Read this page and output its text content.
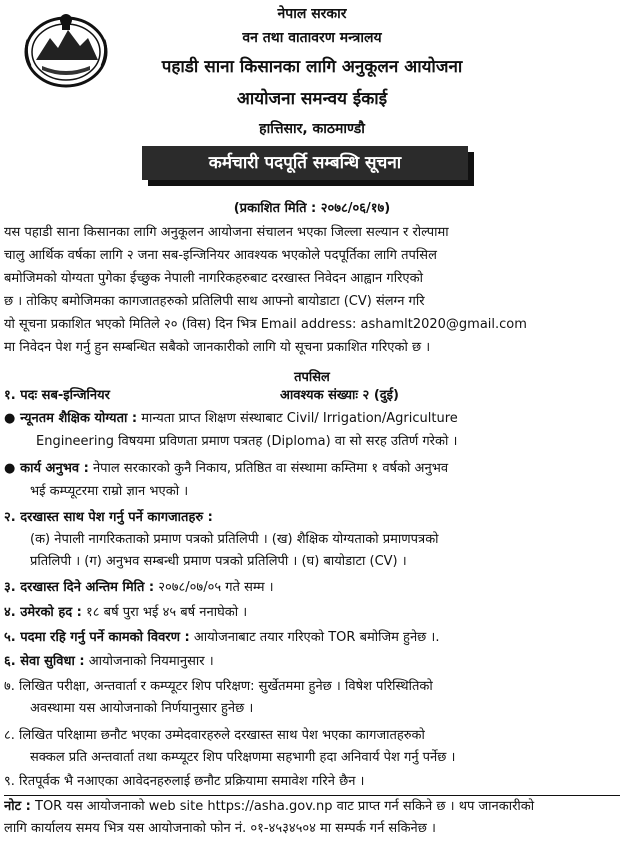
नेपाल सरकार
वन तथा वातावरण मन्त्रालय
पहाडी साना किसानका लागि अनुकूलन आयोजना
आयोजना समन्वय ईकाई
हात्तिसार, काठमाण्डौ
कर्मचारी पदपूर्ति सम्बन्धि सूचना
(प्रकाशित मिति : २०७८/०६/१७)
यस पहाडी साना किसानका लागि अनुकूलन आयोजना संचालन भएका जिल्ला सल्यान र रोल्पामा
चालु आर्थिक वर्षका लागि २ जना सब-इन्जिनियर आवश्यक भएकोले पदपूर्तिका लागि तपसिल
बमोजिमको योग्यता पुगेका ईच्छुक नेपाली नागरिकहरुबाट दरखास्त निवेदन आह्वान गरिएको
छ । तोकिए बमोजिमका कागजातहरुको प्रतिलिपी साथ आफ्नो बायोडाटा (CV) संलग्न गरि
यो सूचना प्रकाशित भएको मितिले २० (विस) दिन भित्र Email address: ashamlt2020@gmail.com
मा निवेदन पेश गर्नु हुन सम्बन्धित सबैको जानकारीको लागि यो सूचना प्रकाशित गरिएको छ ।
तपसिल
१. पदः सब-इन्जिनियर	आवश्यक संख्याः २ (दुई)
● न्यूनतम शैक्षिक योग्यता : मान्यता प्राप्त शिक्षण संस्थाबाट Civil/ Irrigation/Agriculture
Engineering विषयमा प्रविणता प्रमाण पत्रतह (Diploma) वा सो सरह उतिर्ण गरेको ।
● कार्य अनुभव : नेपाल सरकारको कुनै निकाय, प्रतिष्ठित वा संस्थामा कम्तिमा १ वर्षको अनुभव
भई कम्प्यूटरमा राम्रो ज्ञान भएको ।
२. दरखास्त साथ पेश गर्नु पर्ने कागजातहरु :
(क) नेपाली नागरिकताको प्रमाण पत्रको प्रतिलिपी । (ख) शैक्षिक योग्यताको प्रमाणपत्रको
प्रतिलिपी । (ग) अनुभव सम्बन्धी प्रमाण पत्रको प्रतिलिपी । (घ) बायोडाटा (CV) ।
३. दरखास्त दिने अन्तिम मिति : २०७८/०७/०५ गते सम्म ।
४. उमेरको हद : १८ बर्ष पुरा भई ४५ बर्ष ननाघेको ।
५. पदमा रहि गर्नु पर्ने कामको विवरण : आयोजनाबाट तयार गरिएको TOR बमोजिम हुनेछ ।.
६. सेवा सुविधा : आयोजनाको नियमानुसार ।
७. लिखित परीक्षा, अन्तवार्ता र कम्प्यूटर शिप परिक्षण: सुर्खेतममा हुनेछ । विषेश परिस्थितिको
अवस्थामा यस आयोजनाको निर्णयानुसार हुनेछ ।
८. लिखित परिक्षामा छनौट भएका उम्मेदवारहरुले दरखास्त साथ पेश भएका कागजातहरुको
सक्कल प्रति अन्तवार्ता तथा कम्प्यूटर शिप परिक्षणमा सहभागी हदा अनिवार्य पेश गर्नु पर्नेछ ।
९. रितपूर्वक भै नआएका आवेदनहरुलाई छनौट प्रक्रियामा समावेश गरिने छैन ।
नोट : TOR यस आयोजनाको web site https://asha.gov.np वाट प्राप्त गर्न सकिने छ । थप जानकारीको
लागि कार्यालय समय भित्र यस आयोजनाको फोन नं. ०१-४५३४५०४ मा सम्पर्क गर्न सकिनेछ ।
